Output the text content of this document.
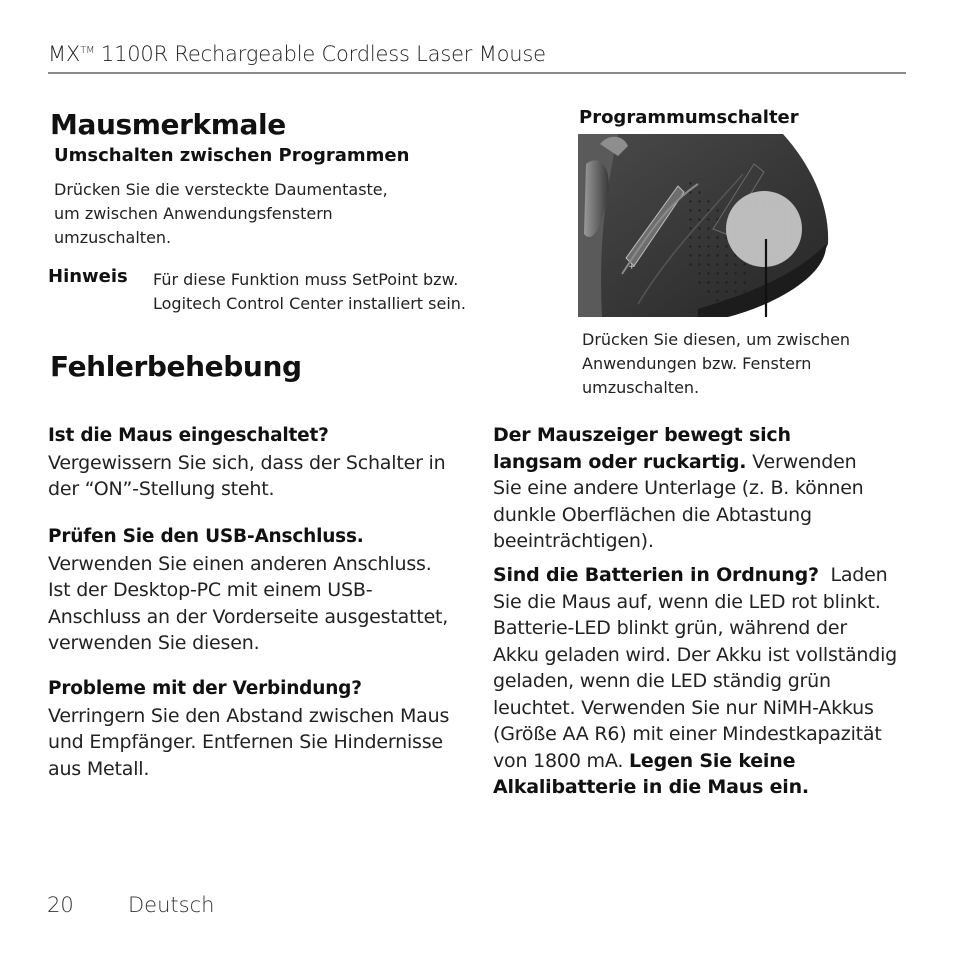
MX™ 1100R Rechargeable Cordless Laser Mouse
Mausmerkmale
Umschalten zwischen Programmen
Drücken Sie die versteckte Daumentaste,
um zwischen Anwendungsfenstern
umzuschalten.
Hinweis Für diese Funktion muss SetPoint bzw.
Logitech Control Center installiert sein.
Programmumschalter
+
Drücken Sie diesen, um zwischen
Anwendungen bzw. Fenstern
umzuschalten.
Fehlerbehebung
Ist die Maus eingeschaltet?
Vergewissern Sie sich, dass der Schalter in
der “ON”-Stellung steht.
Prüfen Sie den USB-Anschluss.
Verwenden Sie einen anderen Anschluss.
Ist der Desktop-PC mit einem USB-
Anschluss an der Vorderseite ausgestattet,
verwenden Sie diesen.
Probleme mit der Verbindung?
Verringern Sie den Abstand zwischen Maus
und Empfänger. Entfernen Sie Hindernisse
aus Metall.
Der Mauszeiger bewegt sich
langsam oder ruckartig. Verwenden
Sie eine andere Unterlage (z. B. können
dunkle Oberflächen die Abtastung
beeinträchtigen).
Sind die Batterien in Ordnung?  Laden
Sie die Maus auf, wenn die LED rot blinkt.
Batterie-LED blinkt grün, während der
Akku geladen wird. Der Akku ist vollständig
geladen, wenn die LED ständig grün
leuchtet. Verwenden Sie nur NiMH-Akkus
(Größe AA R6) mit einer Mindestkapazität
von 1800 mA. Legen Sie keine
Alkalibatterie in die Maus ein.
20	Deutsch
